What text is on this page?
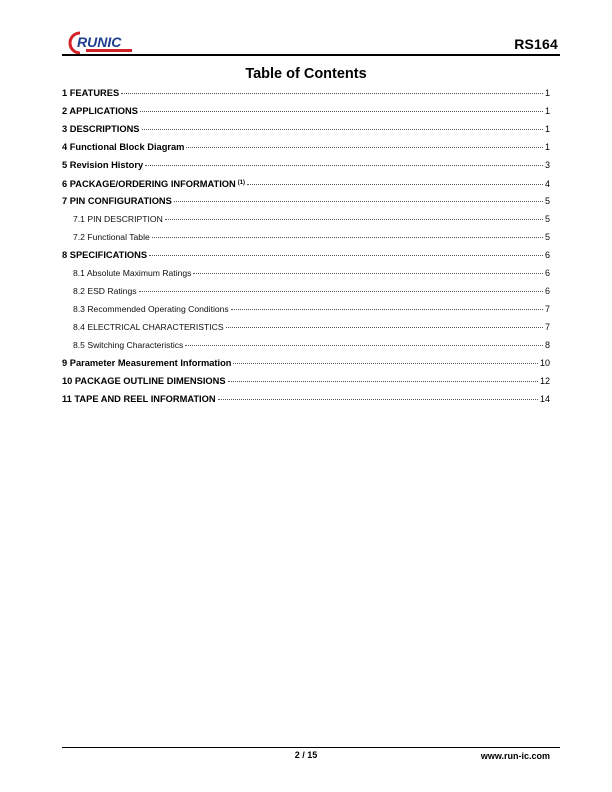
RUNIC	RS164
Table of Contents
1 FEATURES	1
2 APPLICATIONS	1
3 DESCRIPTIONS	1
4 Functional Block Diagram	1
5 Revision History	3
6 PACKAGE/ORDERING INFORMATION $^{(1)}$	4
7 PIN CONFIGURATIONS	5
7.1 PIN DESCRIPTION	5
7.2 Functional Table	5
8 SPECIFICATIONS	6
8.1 Absolute Maximum Ratings	6
8.2 ESD Ratings	6
8.3 Recommended Operating Conditions	7
8.4 ELECTRICAL CHARACTERISTICS	7
8.5 Switching Characteristics	8
9 Parameter Measurement Information	10
10 PACKAGE OUTLINE DIMENSIONS	12
11 TAPE AND REEL INFORMATION	14
2 / 15	www.run-ic.com
